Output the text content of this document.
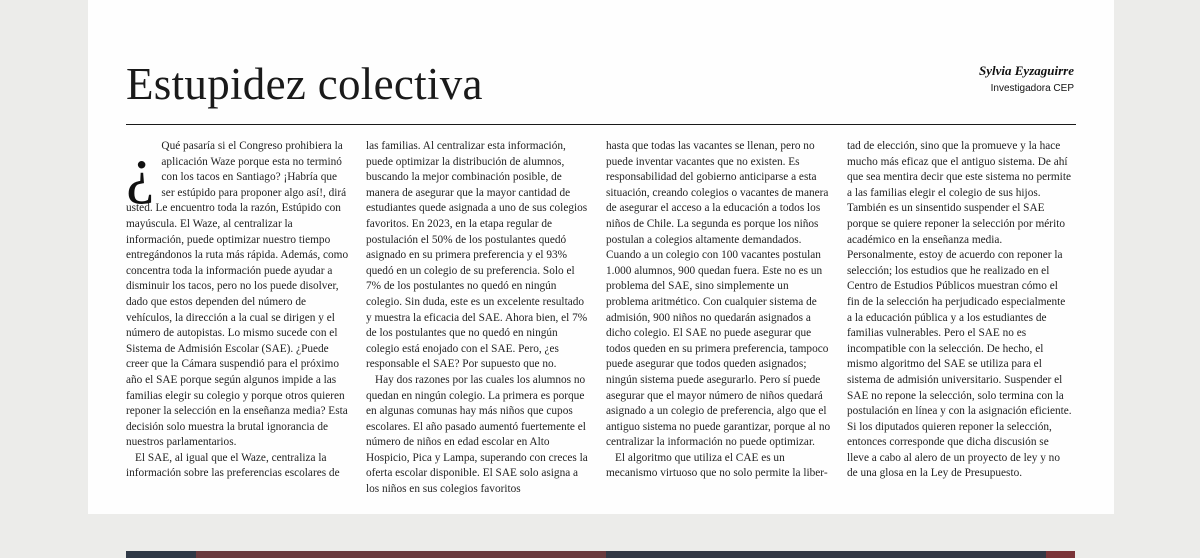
Estupidez colectiva	Sylvia Eyzaguirre
Investigadora CEP
¿ Qué pasaría si el Congreso prohibiera la aplicación Waze porque esta no terminó con los tacos en Santiago? ¡Habría que ser estúpido para proponer algo así!, dirá usted. Le encuentro toda la razón, Estúpido con mayúscula. El Waze, al centralizar la información, puede optimizar nuestro tiempo entregándonos la ruta más rápida. Además, como concentra toda la información puede ayudar a disminuir los tacos, pero no los puede disolver, dado que estos dependen del número de vehículos, la dirección a la cual se dirigen y el número de autopistas. Lo mismo sucede con el Sistema de Admisión Escolar (SAE). ¿Puede creer que la Cámara suspendió para el próximo año el SAE porque según algunos impide a las familias elegir su colegio y porque otros quieren reponer la selección en la enseñanza media? Esta decisión solo muestra la brutal ignorancia de nuestros parlamentarios.

El SAE, al igual que el Waze, centraliza la información sobre las preferencias escolares de

las familias. Al centralizar esta información, puede optimizar la distribución de alumnos, buscando la mejor combinación posible, de manera de asegurar que la mayor cantidad de estudiantes quede asignada a uno de sus colegios favoritos. En 2023, en la etapa regular de postulación el 50% de los postulantes quedó asignado en su primera preferencia y el 93% quedó en un colegio de su preferencia. Solo el 7% de los postulantes no quedó en ningún colegio. Sin duda, este es un excelente resultado y muestra la eficacia del SAE. Ahora bien, el 7% de los postulantes que no quedó en ningún colegio está enojado con el SAE. Pero, ¿es responsable el SAE? Por supuesto que no.

Hay dos razones por las cuales los alumnos no quedan en ningún colegio. La primera es porque en algunas comunas hay más niños que cupos escolares. El año pasado aumentó fuertemente el número de niños en edad escolar en Alto Hospicio, Pica y Lampa, superando con creces la oferta escolar disponible. El SAE solo asigna a los niños en sus colegios favoritos

hasta que todas las vacantes se llenan, pero no puede inventar vacantes que no existen. Es responsabilidad del gobierno anticiparse a esta situación, creando colegios o vacantes de manera de asegurar el acceso a la educación a todos los niños de Chile. La segunda es porque los niños postulan a colegios altamente demandados. Cuando a un colegio con 100 vacantes postulan 1.000 alumnos, 900 quedan fuera. Este no es un problema del SAE, sino simplemente un problema aritmético. Con cualquier sistema de admisión, 900 niños no quedarán asignados a dicho colegio. El SAE no puede asegurar que todos queden en su primera preferencia, tampoco puede asegurar que todos queden asignados; ningún sistema puede asegurarlo. Pero sí puede asegurar que el mayor número de niños quedará asignado a un colegio de preferencia, algo que el antiguo sistema no puede garantizar, porque al no centralizar la información no puede optimizar.

El algoritmo que utiliza el CAE es un mecanismo virtuoso que no solo permite la liber-

tad de elección, sino que la promueve y la hace mucho más eficaz que el antiguo sistema. De ahí que sea mentira decir que este sistema no permite a las familias elegir el colegio de sus hijos. También es un sinsentido suspender el SAE porque se quiere reponer la selección por mérito académico en la enseñanza media. Personalmente, estoy de acuerdo con reponer la selección; los estudios que he realizado en el Centro de Estudios Públicos muestran cómo el fin de la selección ha perjudicado especialmente a la educación pública y a los estudiantes de familias vulnerables. Pero el SAE no es incompatible con la selección. De hecho, el mismo algoritmo del SAE se utiliza para el sistema de admisión universitario. Suspender el SAE no repone la selección, solo termina con la postulación en línea y con la asignación eficiente. Si los diputados quieren reponer la selección, entonces corresponde que dicha discusión se lleve a cabo al alero de un proyecto de ley y no de una glosa en la Ley de Presupuesto.
